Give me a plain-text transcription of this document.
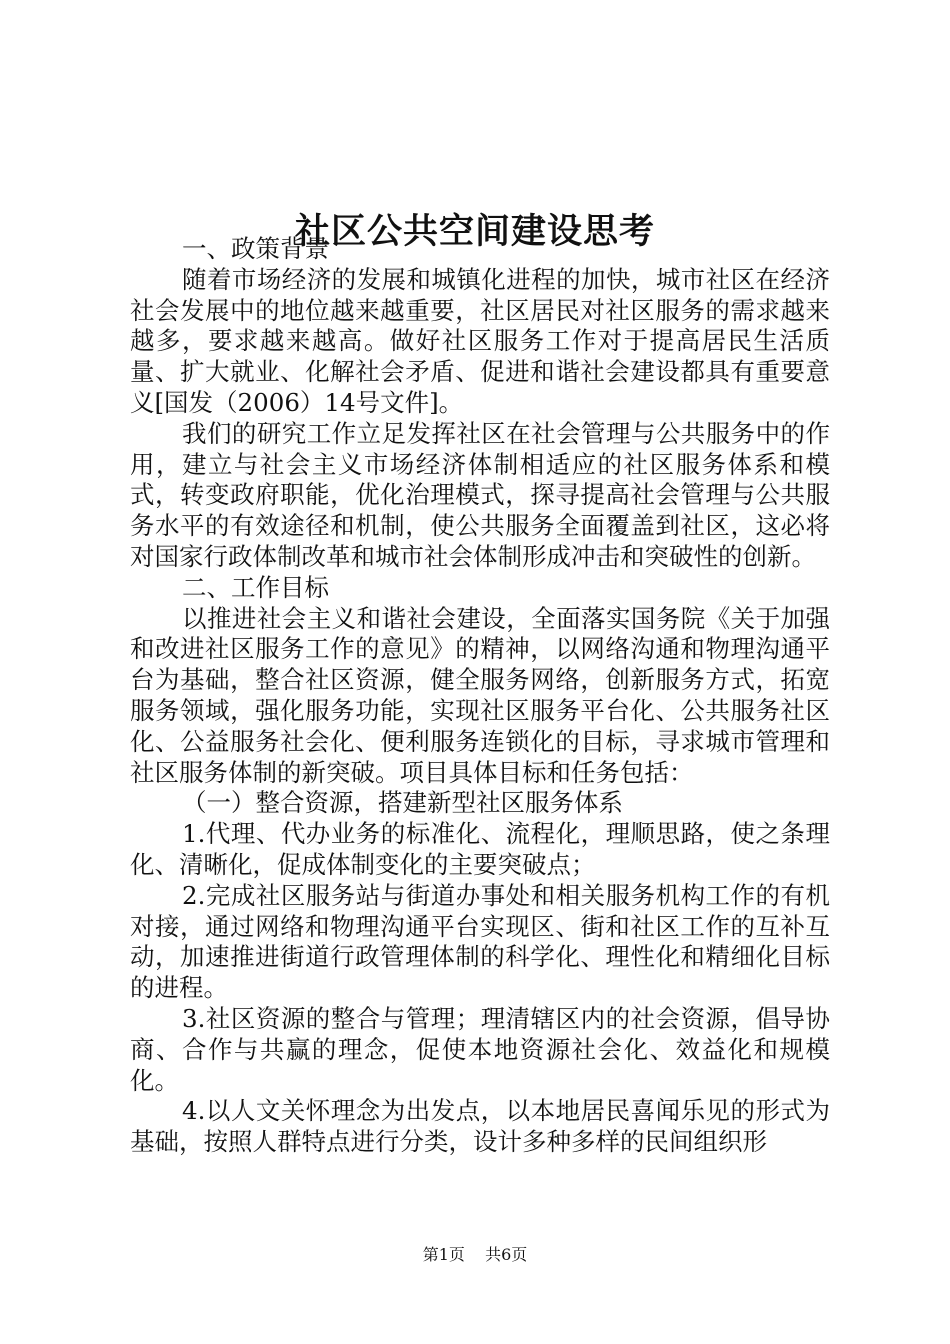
社区公共空间建设思考

一、政策背景

随着市场经济的发展和城镇化进程的加快，城市社区在经济社会发展中的地位越来越重要，社区居民对社区服务的需求越来越多，要求越来越高。做好社区服务工作对于提高居民生活质量、扩大就业、化解社会矛盾、促进和谐社会建设都具有重要意义[国发（2006）14号文件]。

我们的研究工作立足发挥社区在社会管理与公共服务中的作用，建立与社会主义市场经济体制相适应的社区服务体系和模式，转变政府职能，优化治理模式，探寻提高社会管理与公共服务水平的有效途径和机制，使公共服务全面覆盖到社区，这必将对国家行政体制改革和城市社会体制形成冲击和突破性的创新。

二、工作目标

以推进社会主义和谐社会建设，全面落实国务院《关于加强和改进社区服务工作的意见》的精神，以网络沟通和物理沟通平台为基础，整合社区资源，健全服务网络，创新服务方式，拓宽服务领域，强化服务功能，实现社区服务平台化、公共服务社区化、公益服务社会化、便利服务连锁化的目标，寻求城市管理和社区服务体制的新突破。项目具体目标和任务包括：

（一）整合资源，搭建新型社区服务体系

1.代理、代办业务的标准化、流程化，理顺思路，使之条理化、清晰化，促成体制变化的主要突破点；

2.完成社区服务站与街道办事处和相关服务机构工作的有机对接，通过网络和物理沟通平台实现区、街和社区工作的互补互动，加速推进街道行政管理体制的科学化、理性化和精细化目标的进程。

3.社区资源的整合与管理；理清辖区内的社会资源，倡导协商、合作与共赢的理念，促使本地资源社会化、效益化和规模化。

4.以人文关怀理念为出发点，以本地居民喜闻乐见的形式为基础，按照人群特点进行分类，设计多种多样的民间组织形

第1页 共6页
